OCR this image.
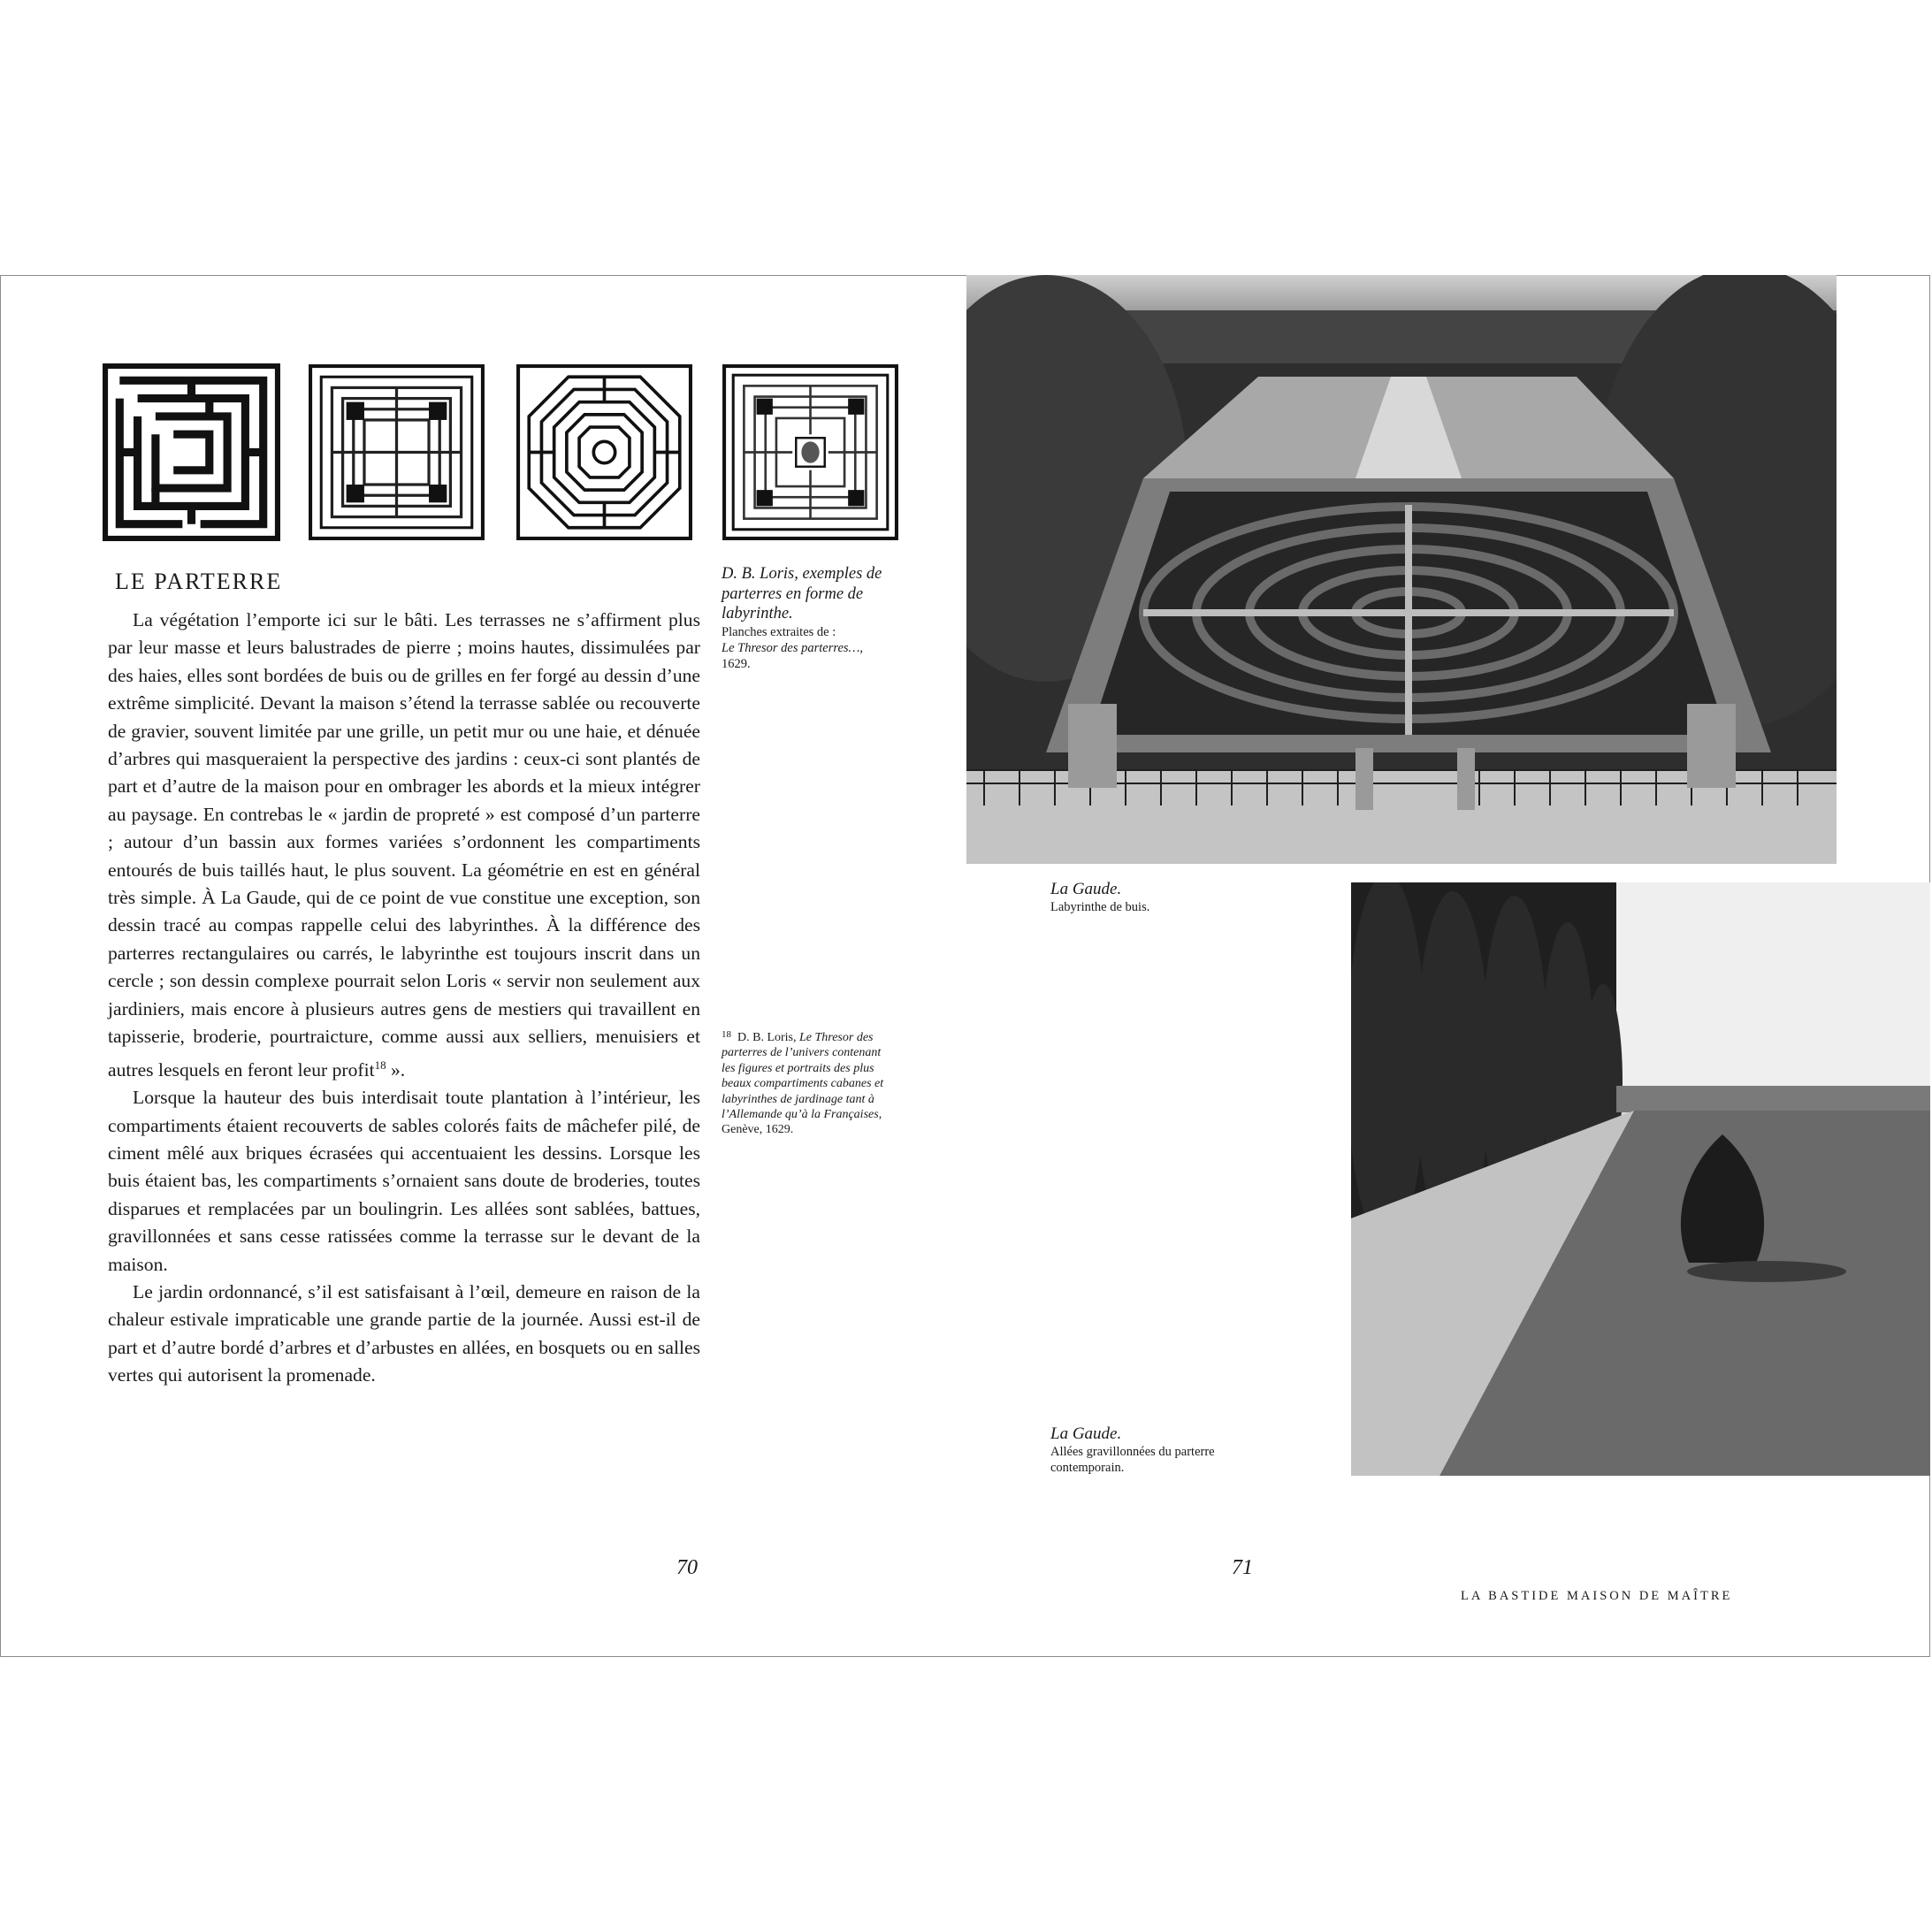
LE PARTERRE

La végétation l’emporte ici sur le bâti. Les terrasses ne s’affirment plus par leur masse et leurs balustrades de pierre ; moins hautes, dissimulées par des haies, elles sont bordées de buis ou de grilles en fer forgé au dessin d’une extrême simplicité. Devant la maison s’étend la terrasse sablée ou recouverte de gravier, souvent limitée par une grille, un petit mur ou une haie, et dénuée d’arbres qui masqueraient la perspective des jardins : ceux-ci sont plantés de part et d’autre de la maison pour en ombrager les abords et la mieux intégrer au paysage. En contrebas le « jardin de propreté » est composé d’un parterre ; autour d’un bassin aux formes variées s’ordonnent les compartiments entourés de buis taillés haut, le plus souvent. La géométrie en est en général très simple. À La Gaude, qui de ce point de vue constitue une exception, son dessin tracé au compas rappelle celui des labyrinthes. À la différence des parterres rectangulaires ou carrés, le labyrinthe est toujours inscrit dans un cercle ; son dessin complexe pourrait selon Loris « servir non seulement aux jardiniers, mais encore à plusieurs autres gens de mestiers qui travaillent en tapisserie, broderie, pourtraicture, comme aussi aux selliers, menuisiers et autres lesquels en feront leur profit$^{18}$ ».

Lorsque la hauteur des buis interdisait toute plantation à l’intérieur, les compartiments étaient recouverts de sables colorés faits de mâchefer pilé, de ciment mêlé aux briques écrasées qui accentuaient les dessins. Lorsque les buis étaient bas, les compartiments s’ornaient sans doute de broderies, toutes disparues et remplacées par un boulingrin. Les allées sont sablées, battues, gravillonnées et sans cesse ratissées comme la terrasse sur le devant de la maison.

Le jardin ordonnancé, s’il est satisfaisant à l’œil, demeure en raison de la chaleur estivale impraticable une grande partie de la journée. Aussi est-il de part et d’autre bordé d’arbres et d’arbustes en allées, en bosquets ou en salles vertes qui autorisent la promenade.

D. B. Loris, exemples de parterres en forme de labyrinthe.
Planches extraites de :
Le Thresor des parterres…, 1629.
$^{18}$ D. B. Loris, Le Thresor des parterres de l’univers contenant les figures et portraits des plus beaux compartiments cabanes et labyrinthes de jardinage tant à l’Allemande qu’à la Françaises, Genève, 1629.
70
La Gaude.
Labyrinthe de buis.
La Gaude.
Allées gravillonnées du parterre contemporain.
71
LA BASTIDE MAISON DE MAÎTRE
